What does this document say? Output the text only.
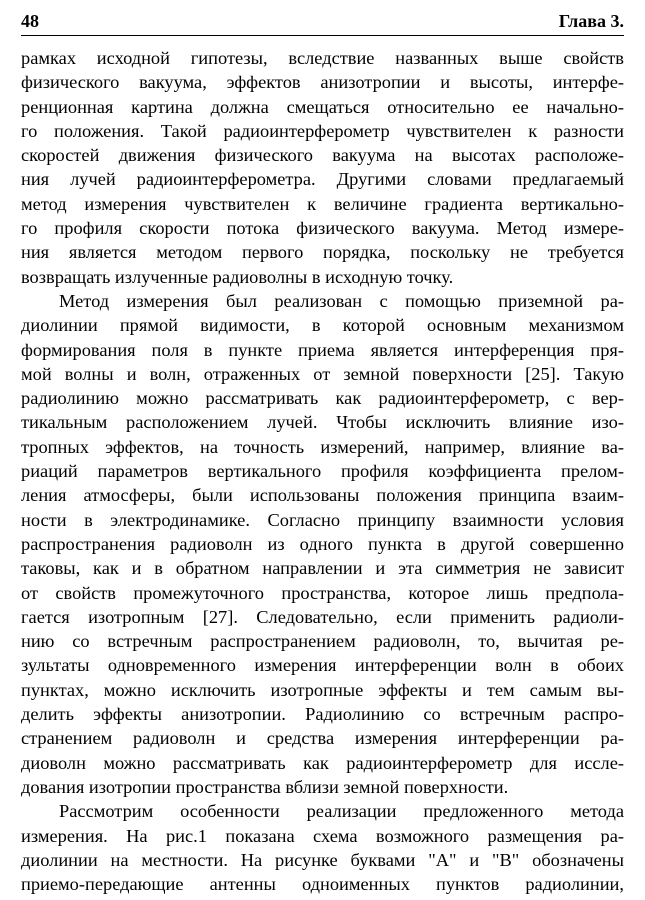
48	Глава 3.
рамках исходной гипотезы, вследствие названных выше свойств
физического вакуума, эффектов анизотропии и высоты, интерфе-
ренционная картина должна смещаться относительно ее начально-
го положения. Такой радиоинтерферометр чувствителен к разности
скоростей движения физического вакуума на высотах расположе-
ния лучей радиоинтерферометра. Другими словами предлагаемый
метод измерения чувствителен к величине градиента вертикально-
го профиля скорости потока физического вакуума. Метод измере-
ния является методом первого порядка, поскольку не требуется
возвращать излученные радиоволны в исходную точку.
Метод измерения был реализован с помощью приземной ра-
диолинии прямой видимости, в которой основным механизмом
формирования поля в пункте приема является интерференция пря-
мой волны и волн, отраженных от земной поверхности [25]. Такую
радиолинию можно рассматривать как радиоинтерферометр, с вер-
тикальным расположением лучей. Чтобы исключить влияние изо-
тропных эффектов, на точность измерений, например, влияние ва-
риаций параметров вертикального профиля коэффициента прелом-
ления атмосферы, были использованы положения принципа взаим-
ности в электродинамике. Согласно принципу взаимности условия
распространения радиоволн из одного пункта в другой совершенно
таковы, как и в обратном направлении и эта симметрия не зависит
от свойств промежуточного пространства, которое лишь предпола-
гается изотропным [27]. Следовательно, если применить радиоли-
нию со встречным распространением радиоволн, то, вычитая ре-
зультаты одновременного измерения интерференции волн в обоих
пунктах, можно исключить изотропные эффекты и тем самым вы-
делить эффекты анизотропии. Радиолинию со встречным распро-
странением радиоволн и средства измерения интерференции ра-
диоволн можно рассматривать как радиоинтерферометр для иссле-
дования изотропии пространства вблизи земной поверхности.
Рассмотрим особенности реализации предложенного метода
измерения. На рис.1 показана схема возможного размещения ра-
диолинии на местности. На рисунке буквами "А" и "В" обозначены
приемо-передающие антенны одноименных пунктов радиолинии,
